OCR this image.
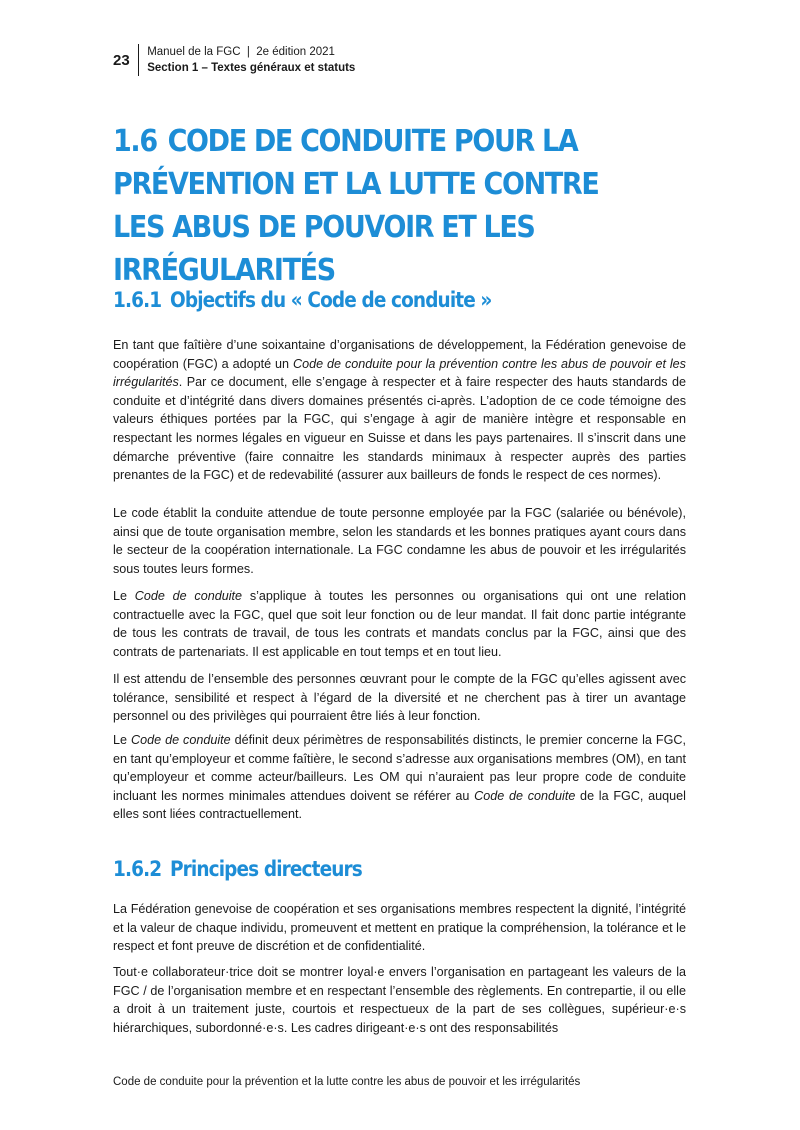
23	Manuel de la FGC  |  2e édition 2021
Section 1 – Textes généraux et statuts
1.6 CODE DE CONDUITE POUR LA PRÉVENTION ET LA LUTTE CONTRE LES ABUS DE POUVOIR ET LES IRRÉGULARITÉS
1.6.1 Objectifs du « Code de conduite »

En tant que faîtière d’une soixantaine d’organisations de développement, la Fédération genevoise de coopération (FGC) a adopté un Code de conduite pour la prévention contre les abus de pouvoir et les irrégularités. Par ce document, elle s’engage à respecter et à faire respecter des hauts standards de conduite et d’intégrité dans divers domaines présentés ci-après. L’adoption de ce code témoigne des valeurs éthiques portées par la FGC, qui s’engage à agir de manière intègre et responsable en respectant les normes légales en vigueur en Suisse et dans les pays partenaires. Il s’inscrit dans une démarche préventive (faire connaitre les standards minimaux à respecter auprès des parties prenantes de la FGC) et de redevabilité (assurer aux bailleurs de fonds le respect de ces normes).

Le code établit la conduite attendue de toute personne employée par la FGC (salariée ou bénévole), ainsi que de toute organisation membre, selon les standards et les bonnes pratiques ayant cours dans le secteur de la coopération internationale. La FGC condamne les abus de pouvoir et les irrégularités sous toutes leurs formes.

Le Code de conduite s’applique à toutes les personnes ou organisations qui ont une relation contractuelle avec la FGC, quel que soit leur fonction ou de leur mandat. Il fait donc partie intégrante de tous les contrats de travail, de tous les contrats et mandats conclus par la FGC, ainsi que des contrats de partenariats. Il est applicable en tout temps et en tout lieu.

Il est attendu de l’ensemble des personnes œuvrant pour le compte de la FGC qu’elles agissent avec tolérance, sensibilité et respect à l’égard de la diversité et ne cherchent pas à tirer un avantage personnel ou des privilèges qui pourraient être liés à leur fonction.

Le Code de conduite définit deux périmètres de responsabilités distincts, le premier concerne la FGC, en tant qu’employeur et comme faîtière, le second s’adresse aux organisations membres (OM), en tant qu’employeur et comme acteur/bailleurs. Les OM qui n’auraient pas leur propre code de conduite incluant les normes minimales attendues doivent se référer au Code de conduite de la FGC, auquel elles sont liées contractuellement.

1.6.2 Principes directeurs

La Fédération genevoise de coopération et ses organisations membres respectent la dignité, l’intégrité et la valeur de chaque individu, promeuvent et mettent en pratique la compréhension, la tolérance et le respect et font preuve de discrétion et de confidentialité.

Tout·e collaborateur·trice doit se montrer loyal·e envers l’organisation en partageant les valeurs de la FGC / de l’organisation membre et en respectant l’ensemble des règlements. En contrepartie, il ou elle a droit à un traitement juste, courtois et respectueux de la part de ses collègues, supérieur·e·s hiérarchiques, subordonné·e·s. Les cadres dirigeant·e·s ont des responsabilités

Code de conduite pour la prévention et la lutte contre les abus de pouvoir et les irrégularités
